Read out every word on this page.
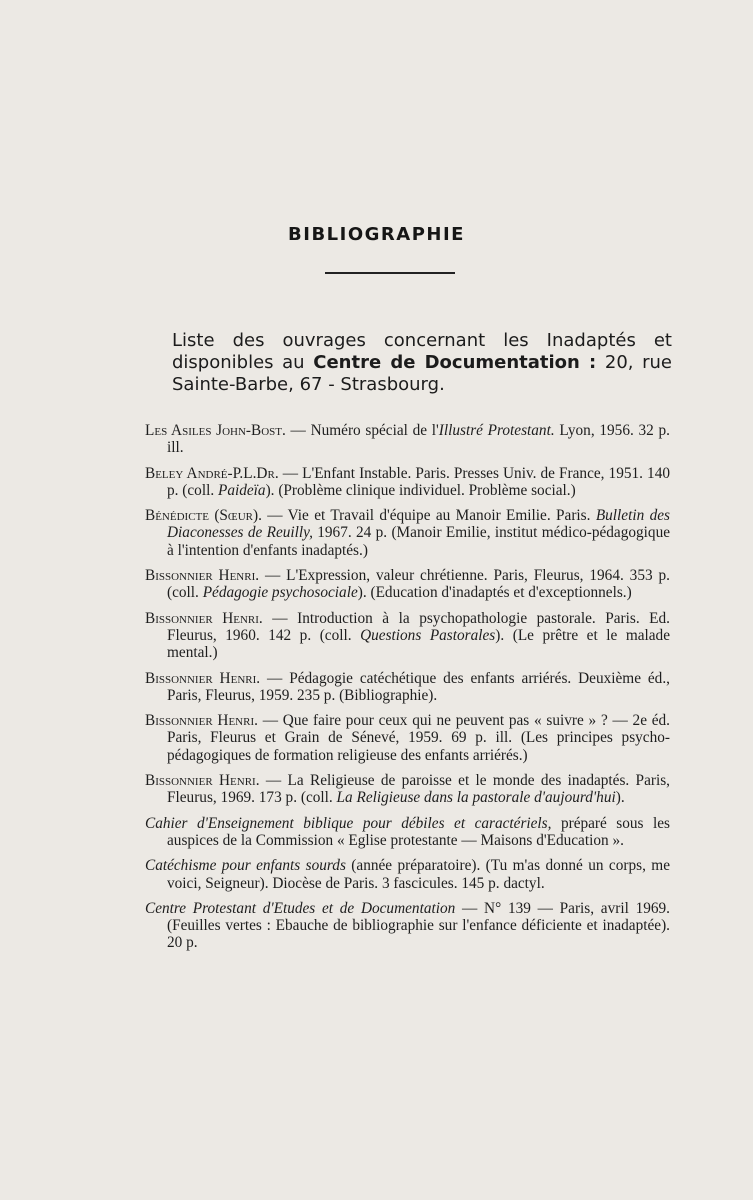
BIBLIOGRAPHIE
Liste des ouvrages concernant les Inadaptés et disponibles au Centre de Documentation : 20, rue Sainte-Barbe, 67 - Strasbourg.

Les Asiles John-Bost. — Numéro spécial de l'Illustré Protestant. Lyon, 1956. 32 p. ill.

Beley André-P.L.Dr. — L'Enfant Instable. Paris. Presses Univ. de France, 1951. 140 p. (coll. Paideïa). (Problème clinique individuel. Problème social.)

Bénédicte (Sœur). — Vie et Travail d'équipe au Manoir Emilie. Paris. Bulletin des Diaconesses de Reuilly, 1967. 24 p. (Manoir Emilie, institut médico-pédagogique à l'intention d'enfants inadaptés.)

Bissonnier Henri. — L'Expression, valeur chrétienne. Paris, Fleurus, 1964. 353 p. (coll. Pédagogie psychosociale). (Education d'inadaptés et d'exceptionnels.)

Bissonnier Henri. — Introduction à la psychopathologie pastorale. Paris. Ed. Fleurus, 1960. 142 p. (coll. Questions Pastorales). (Le prêtre et le malade mental.)

Bissonnier Henri. — Pédagogie catéchétique des enfants arriérés. Deuxième éd., Paris, Fleurus, 1959. 235 p. (Bibliographie).

Bissonnier Henri. — Que faire pour ceux qui ne peuvent pas « suivre » ? — 2e éd. Paris, Fleurus et Grain de Sénevé, 1959. 69 p. ill. (Les principes psycho-pédagogiques de formation religieuse des enfants arriérés.)

Bissonnier Henri. — La Religieuse de paroisse et le monde des inadaptés. Paris, Fleurus, 1969. 173 p. (coll. La Religieuse dans la pastorale d'aujourd'hui).

Cahier d'Enseignement biblique pour débiles et caractériels, préparé sous les auspices de la Commission « Eglise protestante — Maisons d'Education ».

Catéchisme pour enfants sourds (année préparatoire). (Tu m'as donné un corps, me voici, Seigneur). Diocèse de Paris. 3 fascicules. 145 p. dactyl.

Centre Protestant d'Etudes et de Documentation — N° 139 — Paris, avril 1969. (Feuilles vertes : Ebauche de bibliographie sur l'enfance déficiente et inadaptée). 20 p.
